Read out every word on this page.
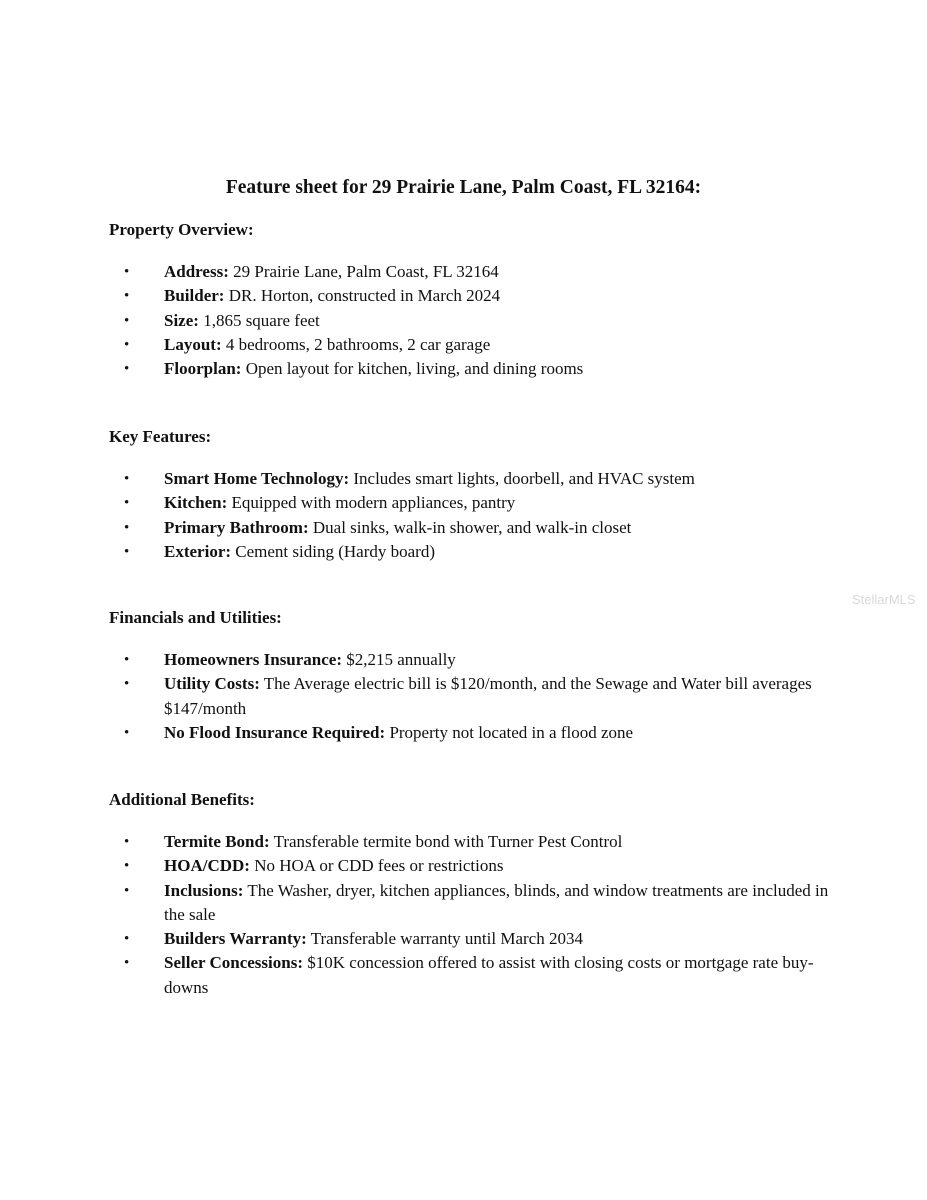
Feature sheet for 29 Prairie Lane, Palm Coast, FL 32164:
Property Overview:
• Address: 29 Prairie Lane, Palm Coast, FL 32164
• Builder: DR. Horton, constructed in March 2024
• Size: 1,865 square feet
• Layout: 4 bedrooms, 2 bathrooms, 2 car garage
• Floorplan: Open layout for kitchen, living, and dining rooms
Key Features:
• Smart Home Technology: Includes smart lights, doorbell, and HVAC system
• Kitchen: Equipped with modern appliances, pantry
• Primary Bathroom: Dual sinks, walk-in shower, and walk-in closet
• Exterior: Cement siding (Hardy board)
Financials and Utilities:
• Homeowners Insurance: $2,215 annually
• Utility Costs: The Average electric bill is $120/month, and the Sewage and Water bill averages $147/month
• No Flood Insurance Required: Property not located in a flood zone
Additional Benefits:
• Termite Bond: Transferable termite bond with Turner Pest Control
• HOA/CDD: No HOA or CDD fees or restrictions
• Inclusions: The Washer, dryer, kitchen appliances, blinds, and window treatments are included in the sale
• Builders Warranty: Transferable warranty until March 2034
• Seller Concessions: $10K concession offered to assist with closing costs or mortgage rate buy-downs
StellarMLS
